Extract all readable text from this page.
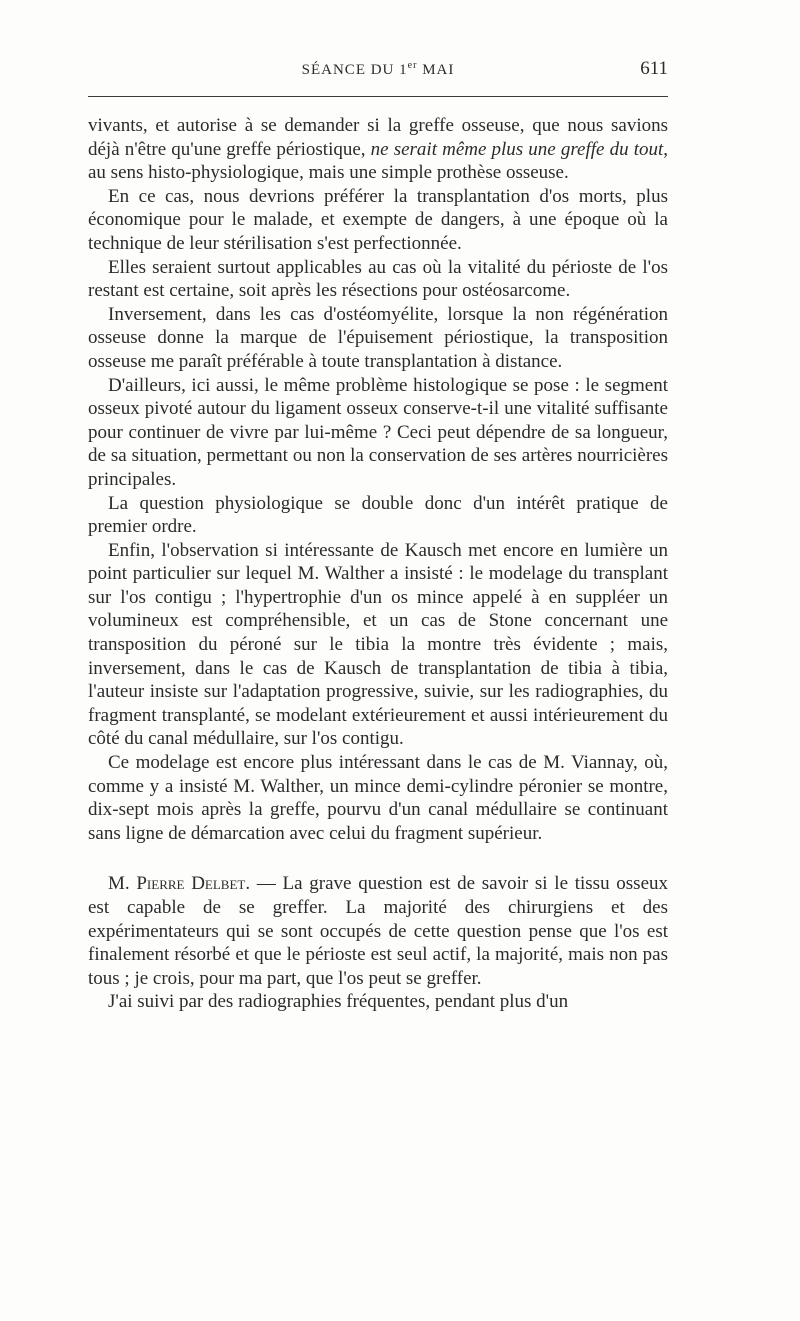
SÉANCE DU 1er MAI	611

vivants, et autorise à se demander si la greffe osseuse, que nous savions déjà n'être qu'une greffe périostique, ne serait même plus une greffe du tout, au sens histo-physiologique, mais une simple prothèse osseuse.

En ce cas, nous devrions préférer la transplantation d'os morts, plus économique pour le malade, et exempte de dangers, à une époque où la technique de leur stérilisation s'est perfectionnée.

Elles seraient surtout applicables au cas où la vitalité du périoste de l'os restant est certaine, soit après les résections pour ostéosarcome.

Inversement, dans les cas d'ostéomyélite, lorsque la non régénération osseuse donne la marque de l'épuisement périostique, la transposition osseuse me paraît préférable à toute transplantation à distance.

D'ailleurs, ici aussi, le même problème histologique se pose : le segment osseux pivoté autour du ligament osseux conserve-t-il une vitalité suffisante pour continuer de vivre par lui-même ? Ceci peut dépendre de sa longueur, de sa situation, permettant ou non la conservation de ses artères nourricières principales.

La question physiologique se double donc d'un intérêt pratique de premier ordre.

Enfin, l'observation si intéressante de Kausch met encore en lumière un point particulier sur lequel M. Walther a insisté : le modelage du transplant sur l'os contigu ; l'hypertrophie d'un os mince appelé à en suppléer un volumineux est compréhensible, et un cas de Stone concernant une transposition du péroné sur le tibia la montre très évidente ; mais, inversement, dans le cas de Kausch de transplantation de tibia à tibia, l'auteur insiste sur l'adaptation progressive, suivie, sur les radiographies, du fragment transplanté, se modelant extérieurement et aussi intérieurement du côté du canal médullaire, sur l'os contigu.

Ce modelage est encore plus intéressant dans le cas de M. Viannay, où, comme y a insisté M. Walther, un mince demi-cylindre péronier se montre, dix-sept mois après la greffe, pourvu d'un canal médullaire se continuant sans ligne de démarcation avec celui du fragment supérieur.

M. Pierre Delbet. — La grave question est de savoir si le tissu osseux est capable de se greffer. La majorité des chirurgiens et des expérimentateurs qui se sont occupés de cette question pense que l'os est finalement résorbé et que le périoste est seul actif, la majorité, mais non pas tous ; je crois, pour ma part, que l'os peut se greffer.

J'ai suivi par des radiographies fréquentes, pendant plus d'un
